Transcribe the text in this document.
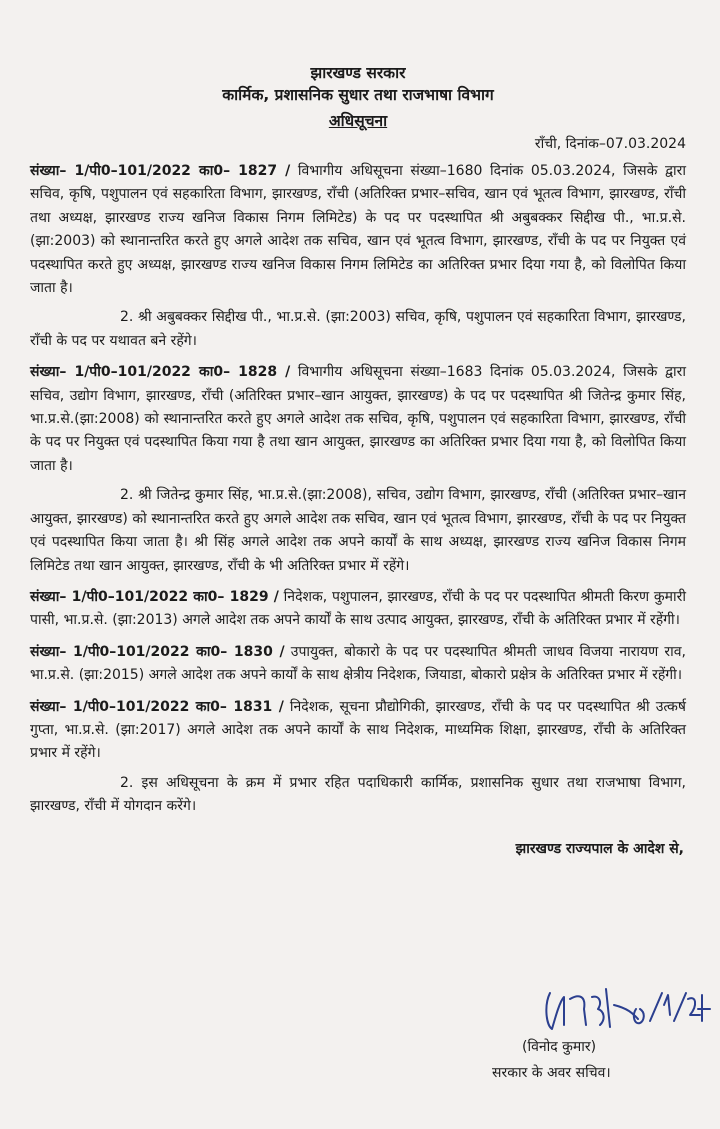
झारखण्ड सरकार
कार्मिक, प्रशासनिक सुधार तथा राजभाषा विभाग
अधिसूचना
राँची, दिनांक–07.03.2024

संख्या– 1/पी0–101/2022 का0– 1827 / विभागीय अधिसूचना संख्या–1680 दिनांक 05.03.2024, जिसके द्वारा सचिव, कृषि, पशुपालन एवं सहकारिता विभाग, झारखण्ड, राँची (अतिरिक्त प्रभार–सचिव, खान एवं भूतत्व विभाग, झारखण्ड, राँची तथा अध्यक्ष, झारखण्ड राज्य खनिज विकास निगम लिमिटेड) के पद पर पदस्थापित श्री अबुबक्कर सिद्दीख पी., भा.प्र.से. (झा:2003) को स्थानान्तरित करते हुए अगले आदेश तक सचिव, खान एवं भूतत्व विभाग, झारखण्ड, राँची के पद पर नियुक्त एवं पदस्थापित करते हुए अध्यक्ष, झारखण्ड राज्य खनिज विकास निगम लिमिटेड का अतिरिक्त प्रभार दिया गया है, को विलोपित किया जाता है।

2. श्री अबुबक्कर सिद्दीख पी., भा.प्र.से. (झा:2003) सचिव, कृषि, पशुपालन एवं सहकारिता विभाग, झारखण्ड, राँची के पद पर यथावत बने रहेंगे।

संख्या– 1/पी0–101/2022 का0– 1828 / विभागीय अधिसूचना संख्या–1683 दिनांक 05.03.2024, जिसके द्वारा सचिव, उद्योग विभाग, झारखण्ड, राँची (अतिरिक्त प्रभार–खान आयुक्त, झारखण्ड) के पद पर पदस्थापित श्री जितेन्द्र कुमार सिंह, भा.प्र.से.(झा:2008) को स्थानान्तरित करते हुए अगले आदेश तक सचिव, कृषि, पशुपालन एवं सहकारिता विभाग, झारखण्ड, राँची के पद पर नियुक्त एवं पदस्थापित किया गया है तथा खान आयुक्त, झारखण्ड का अतिरिक्त प्रभार दिया गया है, को विलोपित किया जाता है।

2. श्री जितेन्द्र कुमार सिंह, भा.प्र.से.(झा:2008), सचिव, उद्योग विभाग, झारखण्ड, राँची (अतिरिक्त प्रभार–खान आयुक्त, झारखण्ड) को स्थानान्तरित करते हुए अगले आदेश तक सचिव, खान एवं भूतत्व विभाग, झारखण्ड, राँची के पद पर नियुक्त एवं पदस्थापित किया जाता है। श्री सिंह अगले आदेश तक अपने कार्यों के साथ अध्यक्ष, झारखण्ड राज्य खनिज विकास निगम लिमिटेड तथा खान आयुक्त, झारखण्ड, राँची के भी अतिरिक्त प्रभार में रहेंगे।

संख्या– 1/पी0–101/2022 का0– 1829 / निदेशक, पशुपालन, झारखण्ड, राँची के पद पर पदस्थापित श्रीमती किरण कुमारी पासी, भा.प्र.से. (झा:2013) अगले आदेश तक अपने कार्यों के साथ उत्पाद आयुक्त, झारखण्ड, राँची के अतिरिक्त प्रभार में रहेंगी।

संख्या– 1/पी0–101/2022 का0– 1830 / उपायुक्त, बोकारो के पद पर पदस्थापित श्रीमती जाधव विजया नारायण राव, भा.प्र.से. (झा:2015) अगले आदेश तक अपने कार्यों के साथ क्षेत्रीय निदेशक, जियाडा, बोकारो प्रक्षेत्र के अतिरिक्त प्रभार में रहेंगी।

संख्या– 1/पी0–101/2022 का0– 1831 / निदेशक, सूचना प्रौद्योगिकी, झारखण्ड, राँची के पद पर पदस्थापित श्री उत्कर्ष गुप्ता, भा.प्र.से. (झा:2017) अगले आदेश तक अपने कार्यों के साथ निदेशक, माध्यमिक शिक्षा, झारखण्ड, राँची के अतिरिक्त प्रभार में रहेंगे।

2. इस अधिसूचना के क्रम में प्रभार रहित पदाधिकारी कार्मिक, प्रशासनिक सुधार तथा राजभाषा विभाग, झारखण्ड, राँची में योगदान करेंगे।

झारखण्ड राज्यपाल के आदेश से,
(विनोद कुमार)
सरकार के अवर सचिव।
